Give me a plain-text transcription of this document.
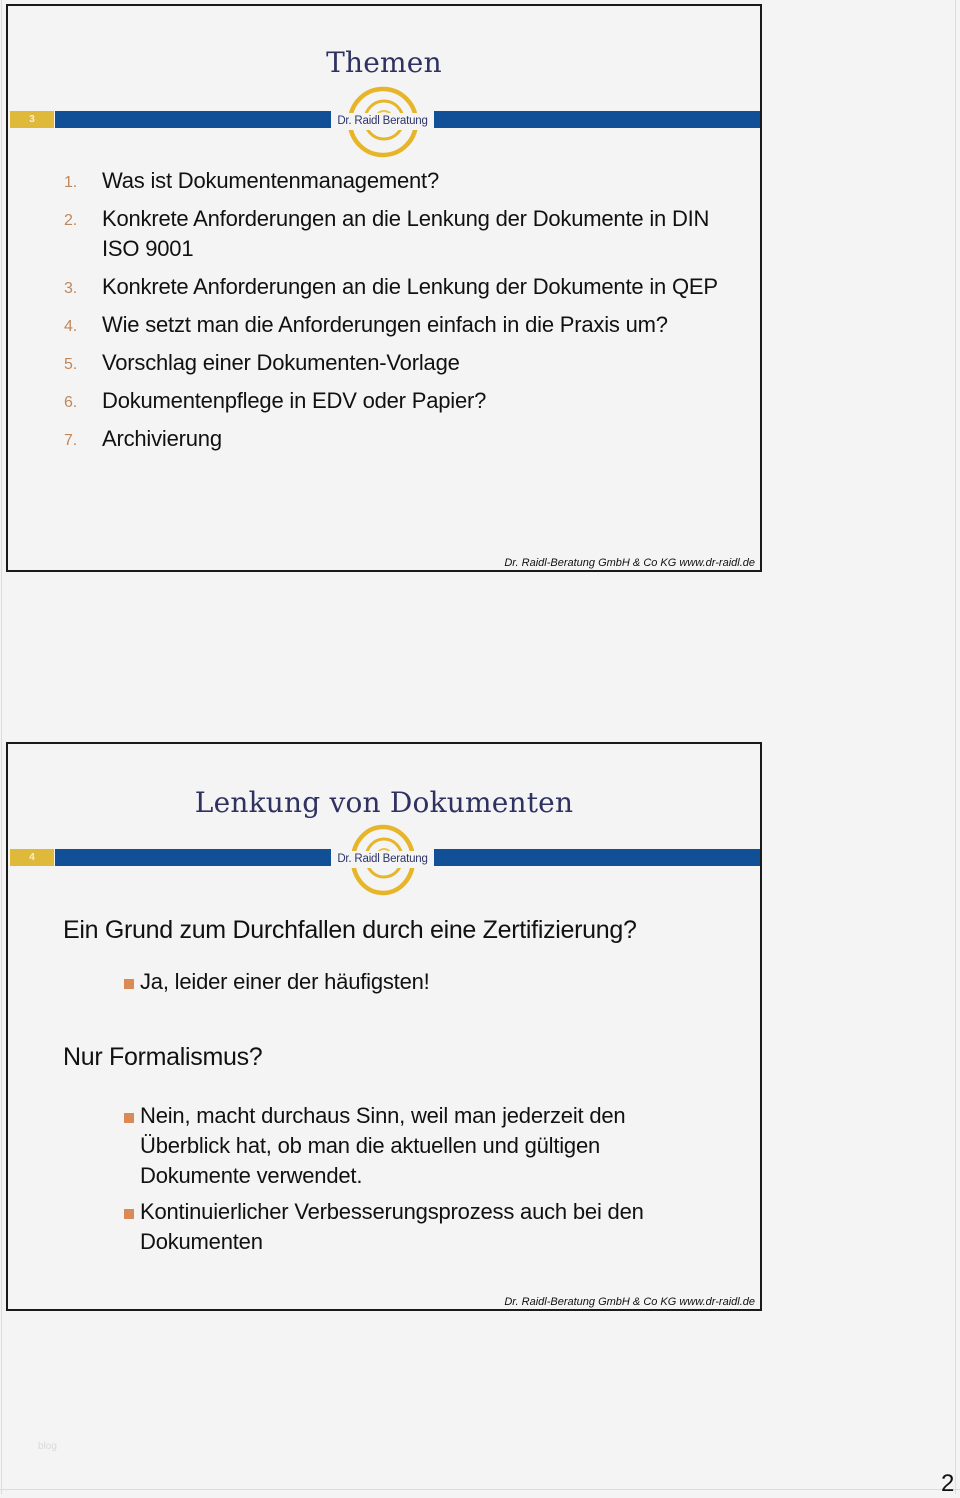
Themen
3	Dr. Raidl Beratung
1. Was ist Dokumentenmanagement?
2. Konkrete Anforderungen an die Lenkung der Dokumente in DIN ISO 9001
3. Konkrete Anforderungen an die Lenkung der Dokumente in QEP
4. Wie setzt man die Anforderungen einfach in die Praxis um?
5. Vorschlag einer Dokumenten-Vorlage
6. Dokumentenpflege in EDV oder Papier?
7. Archivierung
Dr. Raidl-Beratung GmbH & Co KG www.dr-raidl.de
Lenkung von Dokumenten
4	Dr. Raidl Beratung
Ein Grund zum Durchfallen durch eine Zertifizierung?
Ja, leider einer der häufigsten!
Nur Formalismus?
Nein, macht durchaus Sinn, weil man jederzeit den Überblick hat, ob man die aktuellen und gültigen Dokumente verwendet.
Kontinuierlicher Verbesserungsprozess auch bei den Dokumenten
Dr. Raidl-Beratung GmbH & Co KG www.dr-raidl.de
blog
2
